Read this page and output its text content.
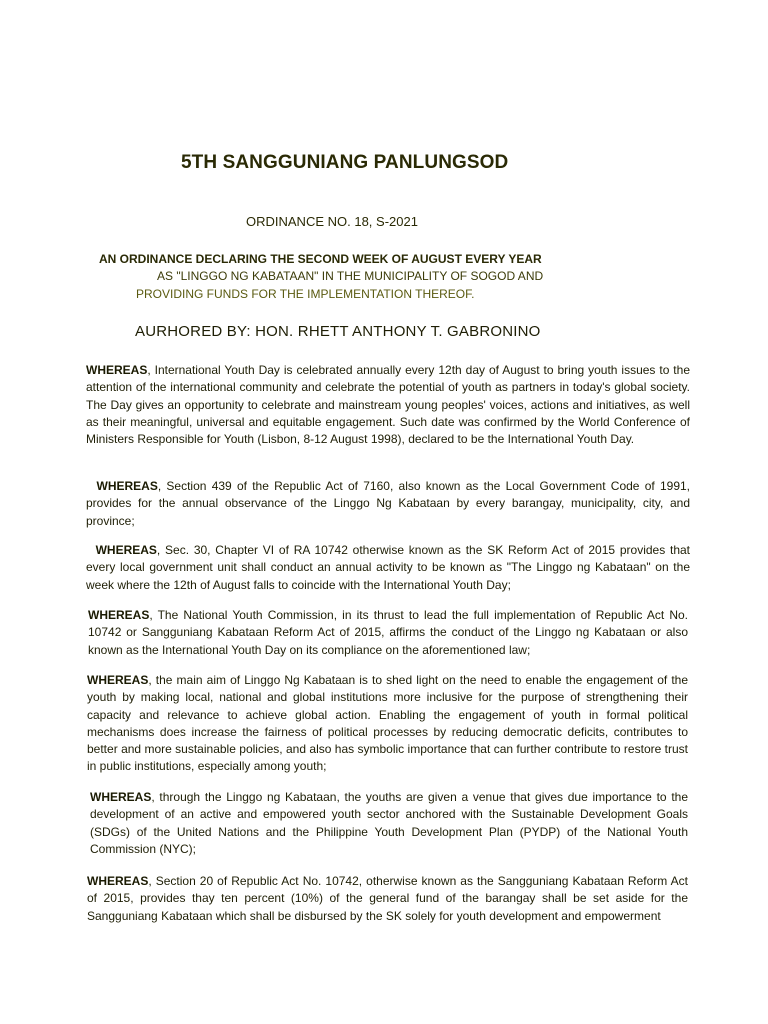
5TH SANGGUNIANG PANLUNGSOD
ORDINANCE NO. 18, S-2021
AN ORDINANCE DECLARING THE SECOND WEEK OF AUGUST EVERY YEAR
AS "LINGGO NG KABATAAN" IN THE MUNICIPALITY OF SOGOD AND
PROVIDING FUNDS FOR THE IMPLEMENTATION THEREOF.
AURHORED BY: HON. RHETT ANTHONY T. GABRONINO
WHEREAS, International Youth Day is celebrated annually every 12th day of August to bring youth issues to the attention of the international community and celebrate the potential of youth as partners in today's global society. The Day gives an opportunity to celebrate and mainstream young peoples' voices, actions and initiatives, as well as their meaningful, universal and equitable engagement. Such date was confirmed by the World Conference of Ministers Responsible for Youth (Lisbon, 8-12 August 1998), declared to be the International Youth Day.
WHEREAS, Section 439 of the Republic Act of 7160, also known as the Local Government Code of 1991, provides for the annual observance of the Linggo Ng Kabataan by every barangay, municipality, city, and province;
WHEREAS, Sec. 30, Chapter VI of RA 10742 otherwise known as the SK Reform Act of 2015 provides that every local government unit shall conduct an annual activity to be known as "The Linggo ng Kabataan" on the week where the 12th of August falls to coincide with the International Youth Day;
WHEREAS, The National Youth Commission, in its thrust to lead the full implementation of Republic Act No. 10742 or Sangguniang Kabataan Reform Act of 2015, affirms the conduct of the Linggo ng Kabataan or also known as the International Youth Day on its compliance on the aforementioned law;
WHEREAS, the main aim of Linggo Ng Kabataan is to shed light on the need to enable the engagement of the youth by making local, national and global institutions more inclusive for the purpose of strengthening their capacity and relevance to achieve global action. Enabling the engagement of youth in formal political mechanisms does increase the fairness of political processes by reducing democratic deficits, contributes to better and more sustainable policies, and also has symbolic importance that can further contribute to restore trust in public institutions, especially among youth;
WHEREAS, through the Linggo ng Kabataan, the youths are given a venue that gives due importance to the development of an active and empowered youth sector anchored with the Sustainable Development Goals (SDGs) of the United Nations and the Philippine Youth Development Plan (PYDP) of the National Youth Commission (NYC);
WHEREAS, Section 20 of Republic Act No. 10742, otherwise known as the Sangguniang Kabataan Reform Act of 2015, provides thay ten percent (10%) of the general fund of the barangay shall be set aside for the Sangguniang Kabataan which shall be disbursed by the SK solely for youth development and empowerment
